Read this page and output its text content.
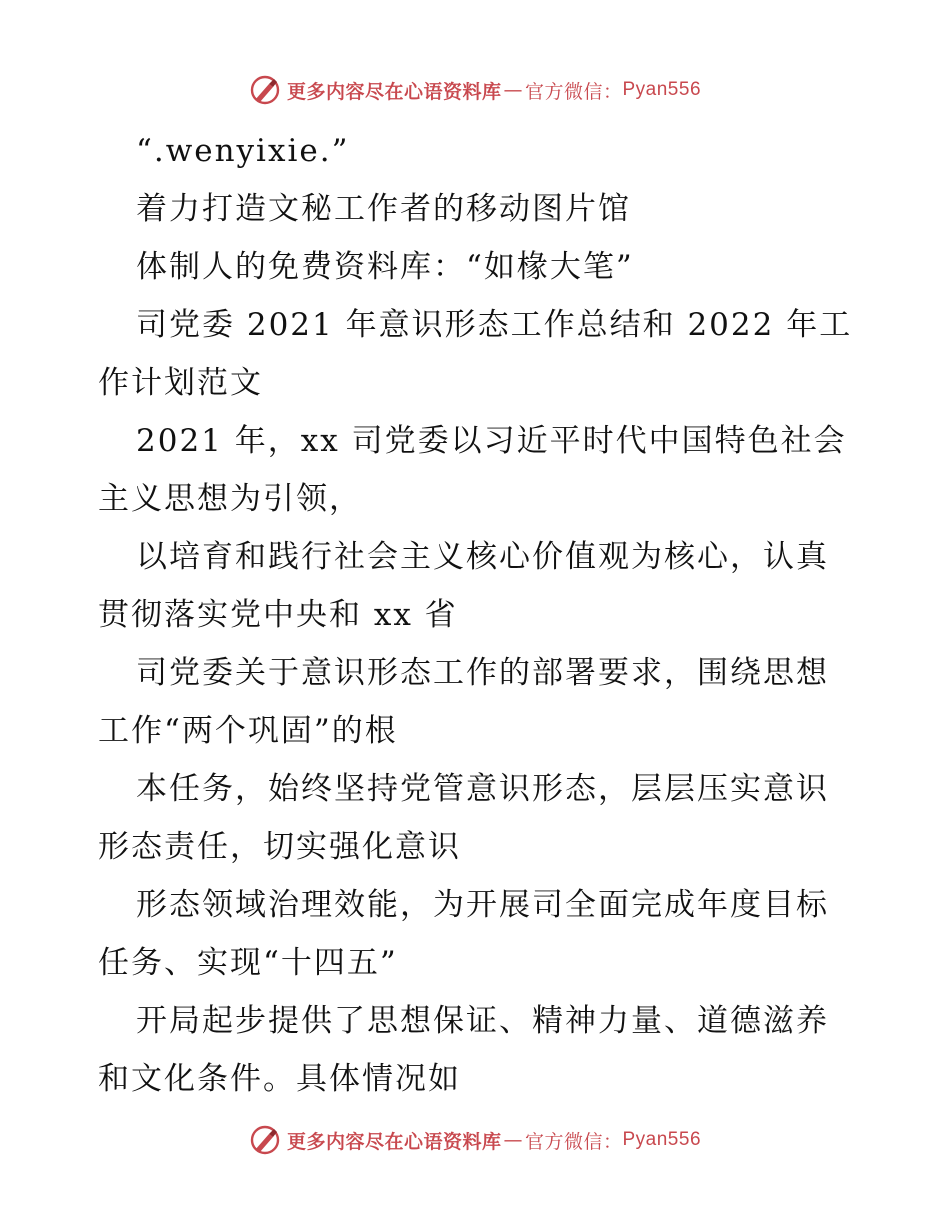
更多内容尽在心语资料库 — 官方微信： Pyan556
“.wenyixie.”
着力打造文秘工作者的移动图片馆
体制人的免费资料库：“如椽大笔”
司党委 2021 年意识形态工作总结和 2022 年工
作计划范文
2021 年，xx 司党委以习近平时代中国特色社会
主义思想为引领，
以培育和践行社会主义核心价值观为核心，认真
贯彻落实党中央和 xx 省
司党委关于意识形态工作的部署要求，围绕思想
工作“两个巩固”的根
本任务，始终坚持党管意识形态，层层压实意识
形态责任，切实强化意识
形态领域治理效能，为开展司全面完成年度目标
任务、实现“十四五”
开局起步提供了思想保证、精神力量、道德滋养
和文化条件。具体情况如
更多内容尽在心语资料库 — 官方微信： Pyan556
